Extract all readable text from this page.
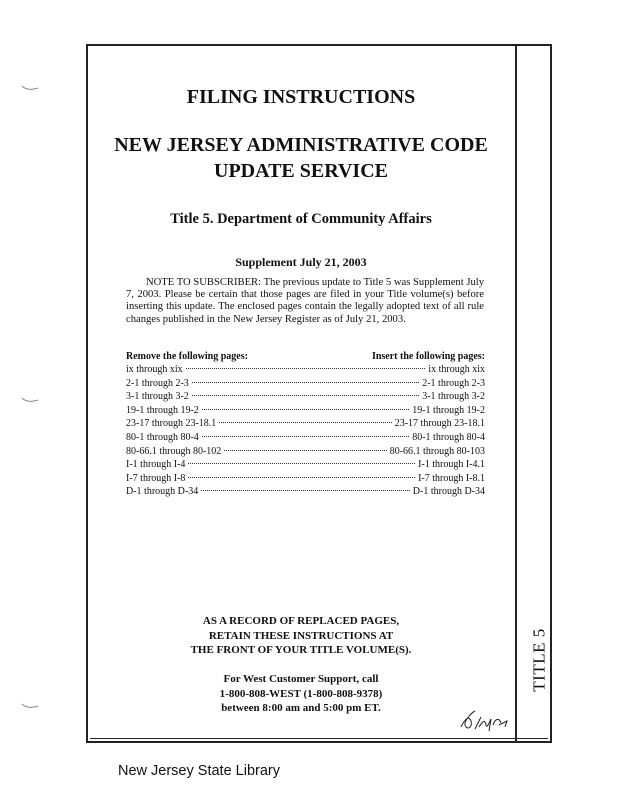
TITLE 5
FILING INSTRUCTIONS
NEW JERSEY ADMINISTRATIVE CODE
UPDATE SERVICE
Title 5. Department of Community Affairs
Supplement July 21, 2003
NOTE TO SUBSCRIBER: The previous update to Title 5 was Supplement July 7, 2003. Please be certain that those pages are filed in your Title volume(s) before inserting this update. The enclosed pages contain the legally adopted text of all rule changes published in the New Jersey Register as of July 21, 2003.
Remove the following pages:	Insert the following pages:
ix through xix	ix through xix
2-1 through 2-3	2-1 through 2-3
3-1 through 3-2	3-1 through 3-2
19-1 through 19-2	19-1 through 19-2
23-17 through 23-18.1	23-17 through 23-18.1
80-1 through 80-4	80-1 through 80-4
80-66.1 through 80-102	80-66.1 through 80-103
I-1 through I-4	I-1 through I-4.1
I-7 through I-8	I-7 through I-8.1
D-1 through D-34	D-1 through D-34
AS A RECORD OF REPLACED PAGES,
RETAIN THESE INSTRUCTIONS AT
THE FRONT OF YOUR TITLE VOLUME(S).
For West Customer Support, call
1-800-808-WEST (1-800-808-9378)
between 8:00 am and 5:00 pm ET.
New Jersey State Library
